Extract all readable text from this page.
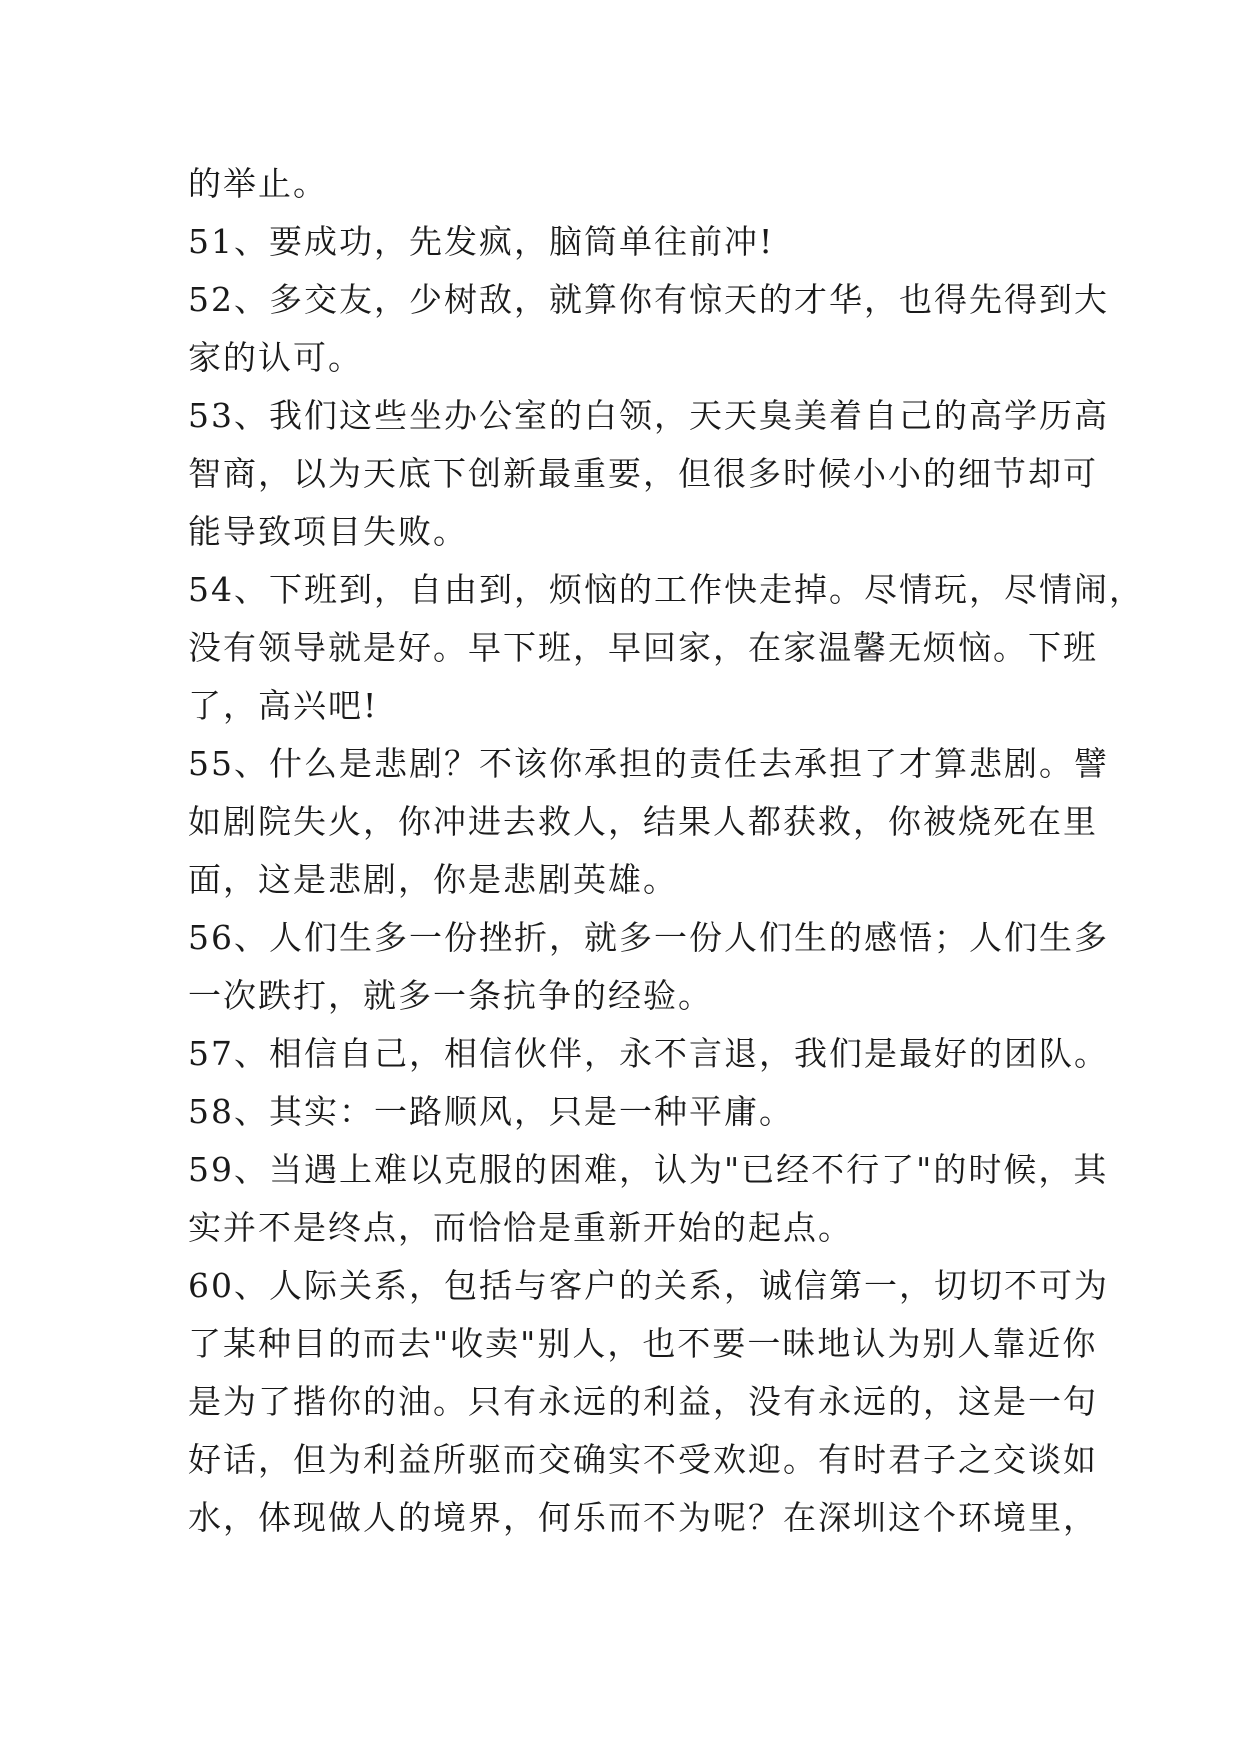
的举止。
51、要成功，先发疯，脑筒单往前冲!
52、多交友，少树敌，就算你有惊天的才华，也得先得到大
家的认可。
53、我们这些坐办公室的白领，天天臭美着自己的高学历高
智商，以为天底下创新最重要，但很多时候小小的细节却可
能导致项目失败。
54、下班到，自由到，烦恼的工作快走掉。尽情玩，尽情闹，
没有领导就是好。早下班，早回家，在家温馨无烦恼。下班
了，高兴吧!
55、什么是悲剧？不该你承担的责任去承担了才算悲剧。譬
如剧院失火，你冲进去救人，结果人都获救，你被烧死在里
面，这是悲剧，你是悲剧英雄。
56、人们生多一份挫折，就多一份人们生的感悟；人们生多
一次跌打，就多一条抗争的经验。
57、相信自己，相信伙伴，永不言退，我们是最好的团队。
58、其实：一路顺风，只是一种平庸。
59、当遇上难以克服的困难，认为"已经不行了"的时候，其
实并不是终点，而恰恰是重新开始的起点。
60、人际关系，包括与客户的关系，诚信第一，切切不可为
了某种目的而去"收卖"别人，也不要一昧地认为别人靠近你
是为了揩你的油。只有永远的利益，没有永远的，这是一句
好话，但为利益所驱而交确实不受欢迎。有时君子之交谈如
水，体现做人的境界，何乐而不为呢？在深圳这个环境里，
